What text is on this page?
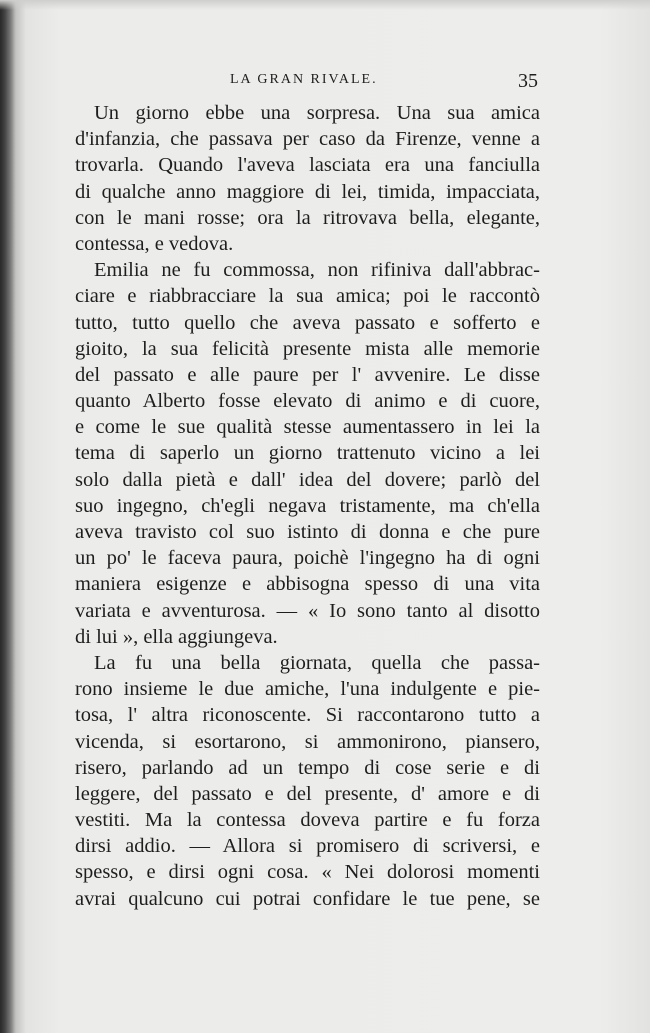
LA GRAN RIVALE.	35
Un giorno ebbe una sorpresa. Una sua amica
d'infanzia, che passava per caso da Firenze, venne a
trovarla. Quando l'aveva lasciata era una fanciulla
di qualche anno maggiore di lei, timida, impacciata,
con le mani rosse; ora la ritrovava bella, elegante,
contessa, e vedova.
Emilia ne fu commossa, non rifiniva dall'abbrac-
ciare e riabbracciare la sua amica; poi le raccontò
tutto, tutto quello che aveva passato e sofferto e
gioito, la sua felicità presente mista alle memorie
del passato e alle paure per l' avvenire. Le disse
quanto Alberto fosse elevato di animo e di cuore,
e come le sue qualità stesse aumentassero in lei la
tema di saperlo un giorno trattenuto vicino a lei
solo dalla pietà e dall' idea del dovere; parlò del
suo ingegno, ch'egli negava tristamente, ma ch'ella
aveva travisto col suo istinto di donna e che pure
un po' le faceva paura, poichè l'ingegno ha di ogni
maniera esigenze e abbisogna spesso di una vita
variata e avventurosa. — « Io sono tanto al disotto
di lui », ella aggiungeva.
La fu una bella giornata, quella che passa-
rono insieme le due amiche, l'una indulgente e pie-
tosa, l' altra riconoscente. Si raccontarono tutto a
vicenda, si esortarono, si ammonirono, piansero,
risero, parlando ad un tempo di cose serie e di
leggere, del passato e del presente, d' amore e di
vestiti. Ma la contessa doveva partire e fu forza
dirsi addio. — Allora si promisero di scriversi, e
spesso, e dirsi ogni cosa. « Nei dolorosi momenti
avrai qualcuno cui potrai confidare le tue pene, se
